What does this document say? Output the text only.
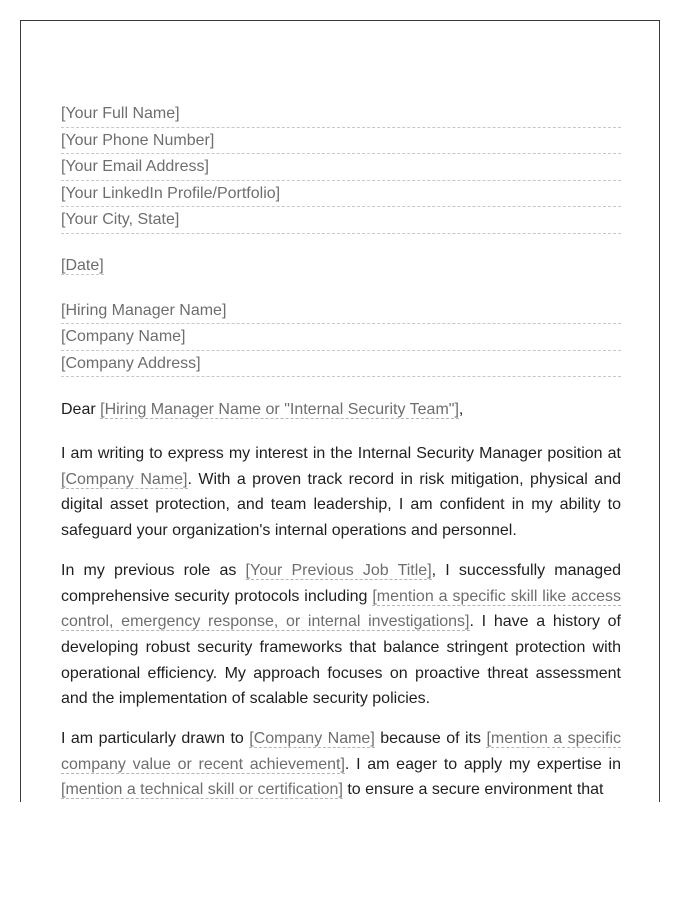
[Your Full Name]
[Your Phone Number]
[Your Email Address]
[Your LinkedIn Profile/Portfolio]
[Your City, State]
[Date]
[Hiring Manager Name]
[Company Name]
[Company Address]
Dear [Hiring Manager Name or "Internal Security Team"],

I am writing to express my interest in the Internal Security Manager position at [Company Name]. With a proven track record in risk mitigation, physical and digital asset protection, and team leadership, I am confident in my ability to safeguard your organization's internal operations and personnel.

In my previous role as [Your Previous Job Title], I successfully managed comprehensive security protocols including [mention a specific skill like access control, emergency response, or internal investigations]. I have a history of developing robust security frameworks that balance stringent protection with operational efficiency. My approach focuses on proactive threat assessment and the implementation of scalable security policies.

I am particularly drawn to [Company Name] because of its [mention a specific company value or recent achievement]. I am eager to apply my expertise in [mention a technical skill or certification] to ensure a secure environment that
